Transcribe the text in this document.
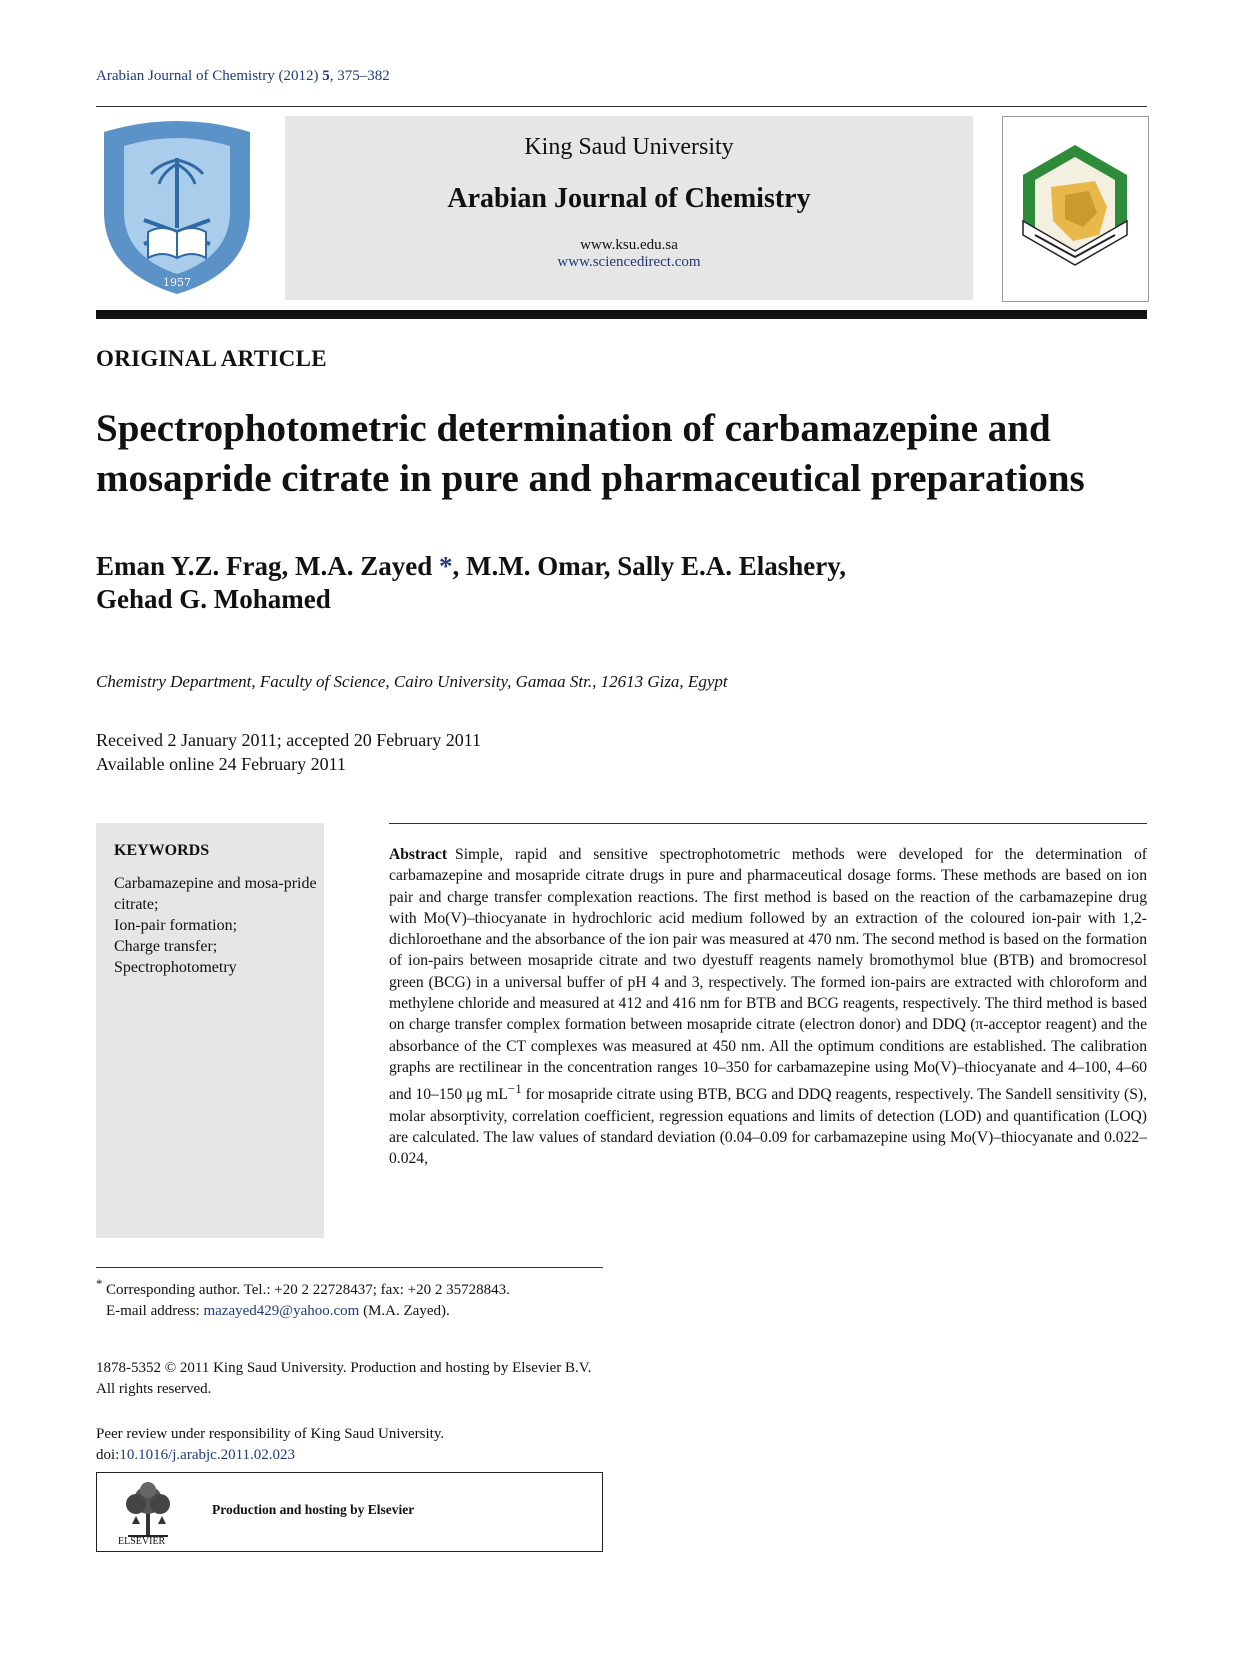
Arabian Journal of Chemistry (2012) 5, 375–382
1957
King Saud University
Arabian Journal of Chemistry
www.ksu.edu.sa
www.sciencedirect.com
ORIGINAL ARTICLE
Spectrophotometric determination of carbamazepine and
mosapride citrate in pure and pharmaceutical preparations
Eman Y.Z. Frag, M.A. Zayed *, M.M. Omar, Sally E.A. Elashery,
Gehad G. Mohamed
Chemistry Department, Faculty of Science, Cairo University, Gamaa Str., 12613 Giza, Egypt
Received 2 January 2011; accepted 20 February 2011
Available online 24 February 2011
KEYWORDS
Carbamazepine and mosa-pride citrate;
Ion-pair formation;
Charge transfer;
Spectrophotometry
Abstract Simple, rapid and sensitive spectrophotometric methods were developed for the determination of carbamazepine and mosapride citrate drugs in pure and pharmaceutical dosage forms. These methods are based on ion pair and charge transfer complexation reactions. The first method is based on the reaction of the carbamazepine drug with Mo(V)–thiocyanate in hydrochloric acid medium followed by an extraction of the coloured ion-pair with 1,2-dichloroethane and the absorbance of the ion pair was measured at 470 nm. The second method is based on the formation of ion-pairs between mosapride citrate and two dyestuff reagents namely bromothymol blue (BTB) and bromocresol green (BCG) in a universal buffer of pH 4 and 3, respectively. The formed ion-pairs are extracted with chloroform and methylene chloride and measured at 412 and 416 nm for BTB and BCG reagents, respectively. The third method is based on charge transfer complex formation between mosapride citrate (electron donor) and DDQ (π-acceptor reagent) and the absorbance of the CT complexes was measured at 450 nm. All the optimum conditions are established. The calibration graphs are rectilinear in the concentration ranges 10–350 for carbamazepine using Mo(V)–thiocyanate and 4–100, 4–60 and 10–150 μg $mL^{-1}$ for mosapride citrate using BTB, BCG and DDQ reagents, respectively. The Sandell sensitivity (S), molar absorptivity, correlation coefficient, regression equations and limits of detection (LOD) and quantification (LOQ) are calculated. The law values of standard deviation (0.04–0.09 for carbamazepine using Mo(V)–thiocyanate and 0.022–0.024,
* Corresponding author. Tel.: +20 2 22728437; fax: +20 2 35728843.
E-mail address: mazayed429@yahoo.com (M.A. Zayed).
1878-5352 © 2011 King Saud University. Production and hosting by Elsevier B.V. All rights reserved.
Peer review under responsibility of King Saud University.
doi:10.1016/j.arabjc.2011.02.023
ELSEVIER
Production and hosting by Elsevier
